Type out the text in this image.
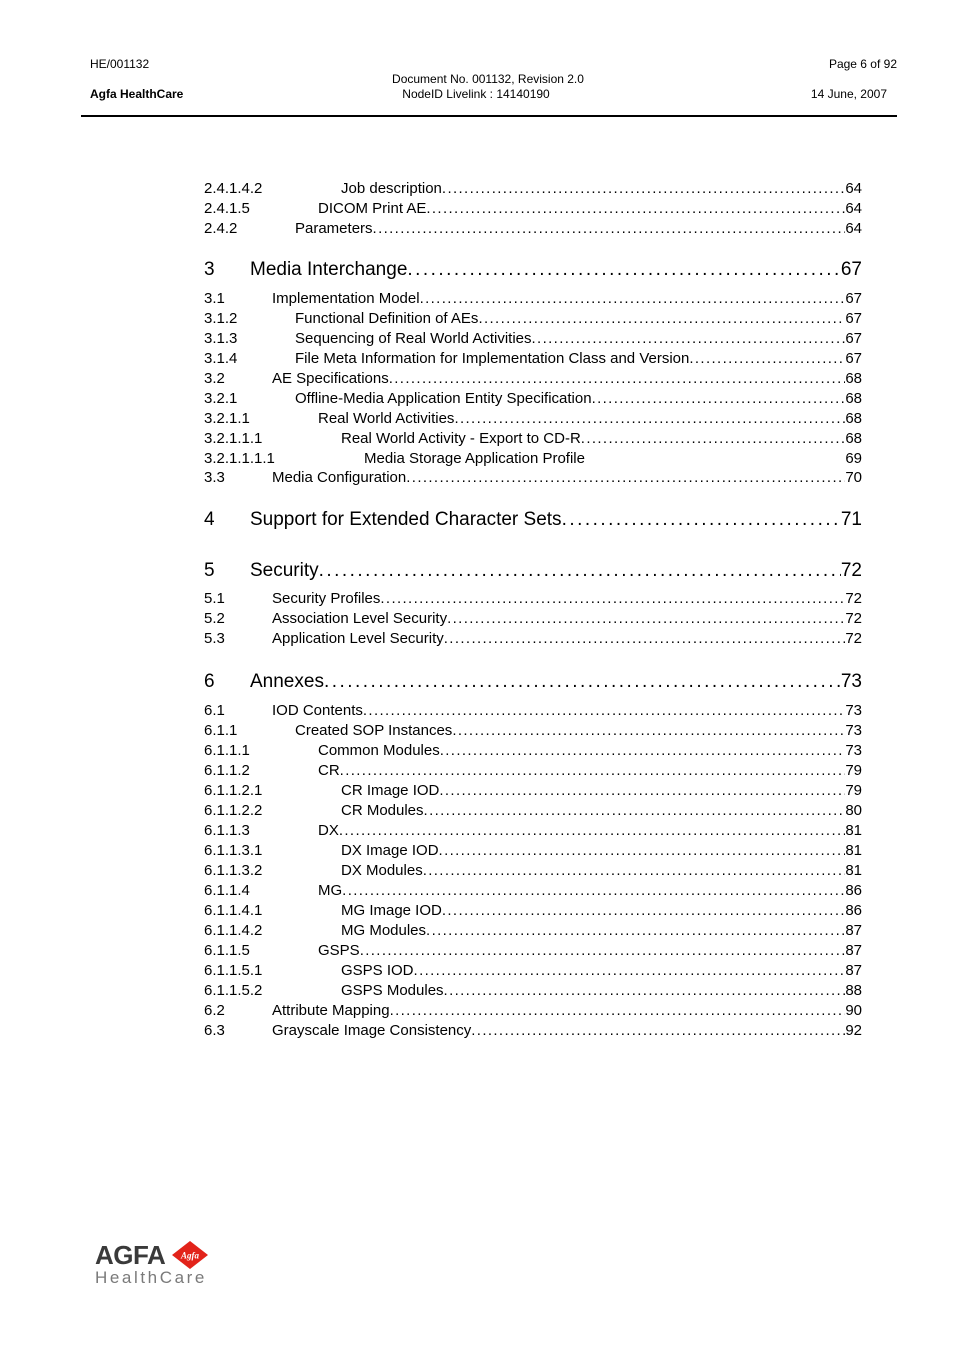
HE/001132
Agfa HealthCare
Document No. 001132, Revision 2.0
NodeID Livelink : 14140190
Page 6 of 92
14 June, 2007
2.4.1.4.2	Job description . . .	64
2.4.1.5	DICOM Print AE . . .	64
2.4.2	Parameters . . .	64
3 Media Interchange . . .	67
3.1	Implementation Model . . .	67
3.1.2	Functional Definition of AEs . . .	67
3.1.3	Sequencing of Real World Activities . . .	67
3.1.4	File Meta Information for Implementation Class and Version . . .	67
3.2	AE Specifications . . .	68
3.2.1	Offline-Media Application Entity Specification . . .	68
3.2.1.1	Real World Activities . . .	68
3.2.1.1.1	Real World Activity - Export to CD-R . . .	68
3.2.1.1.1.1	Media Storage Application Profile	69
3.3	Media Configuration . . .	70
4 Support for Extended Character Sets . . .	71
5 Security . . .	72
5.1	Security Profiles . . .	72
5.2	Association Level Security . . .	72
5.3	Application Level Security . . .	72
6 Annexes . . .	73
6.1	IOD Contents . . .	73
6.1.1	Created SOP Instances . . .	73
6.1.1.1	Common Modules . . .	73
6.1.1.2	CR . . .	79
6.1.1.2.1	CR Image IOD . . .	79
6.1.1.2.2	CR Modules . . .	80
6.1.1.3	DX . . .	81
6.1.1.3.1	DX Image IOD . . .	81
6.1.1.3.2	DX Modules . . .	81
6.1.1.4	MG . . .	86
6.1.1.4.1	MG Image IOD . . .	86
6.1.1.4.2	MG Modules . . .	87
6.1.1.5	GSPS . . .	87
6.1.1.5.1	GSPS IOD . . .	87
6.1.1.5.2	GSPS Modules . . .	88
6.2	Attribute Mapping . . .	90
6.3	Grayscale Image Consistency . . .	92
AGFA Agfa
HealthCare
